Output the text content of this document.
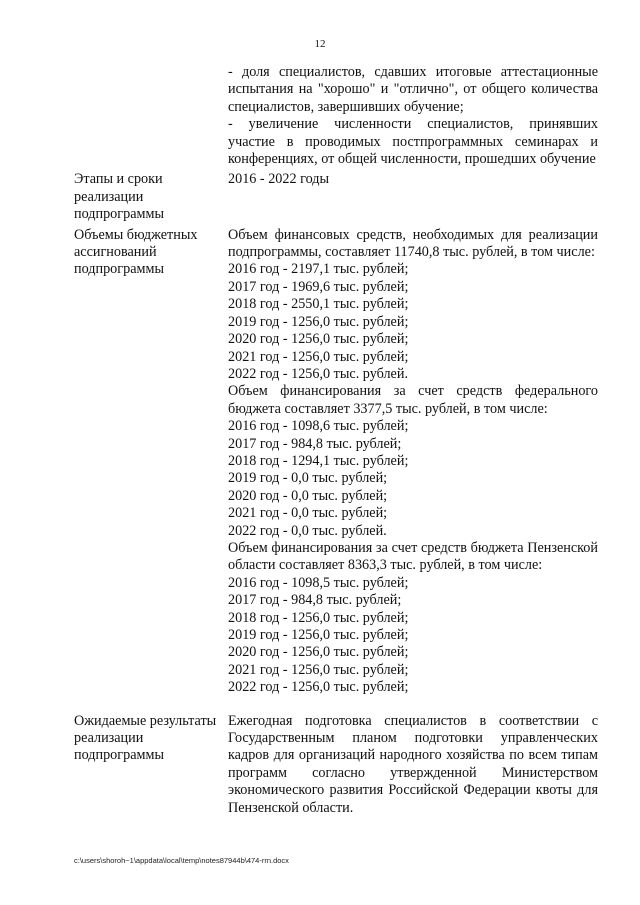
12
- доля специалистов, сдавших итоговые аттестационные испытания на "хорошо" и "отлично", от общего количества специалистов, завершивших обучение;
- увеличение численности специалистов, принявших участие в проводимых постпрограммных семинарах и конференциях, от общей численности, прошедших обучение
Этапы и сроки реализации подпрограммы
2016 - 2022 годы
Объемы бюджетных ассигнований подпрограммы
Объем финансовых средств, необходимых для реализации подпрограммы, составляет 11740,8 тыс. рублей, в том числе:
2016 год - 2197,1 тыс. рублей;
2017 год - 1969,6 тыс. рублей;
2018 год - 2550,1 тыс. рублей;
2019 год - 1256,0 тыс. рублей;
2020 год - 1256,0 тыс. рублей;
2021 год - 1256,0 тыс. рублей;
2022 год - 1256,0 тыс. рублей.
Объем финансирования за счет средств федерального бюджета составляет 3377,5 тыс. рублей, в том числе:
2016 год - 1098,6 тыс. рублей;
2017 год - 984,8 тыс. рублей;
2018 год - 1294,1 тыс. рублей;
2019 год - 0,0 тыс. рублей;
2020 год - 0,0 тыс. рублей;
2021 год - 0,0 тыс. рублей;
2022 год - 0,0 тыс. рублей.
Объем финансирования за счет средств бюджета Пензенской области составляет 8363,3 тыс. рублей, в том числе:
2016 год - 1098,5 тыс. рублей;
2017 год - 984,8 тыс. рублей;
2018 год - 1256,0 тыс. рублей;
2019 год - 1256,0 тыс. рублей;
2020 год - 1256,0 тыс. рублей;
2021 год - 1256,0 тыс. рублей;
2022 год - 1256,0 тыс. рублей;
Ожидаемые результаты реализации подпрограммы
Ежегодная подготовка специалистов в соответствии с Государственным планом подготовки управленческих кадров для организаций народного хозяйства по всем типам программ согласно утвержденной Министерством экономического развития Российской Федерации квоты для Пензенской области.
c:\users\shoroh~1\appdata\local\temp\notes87944b\474-rrn.docx
